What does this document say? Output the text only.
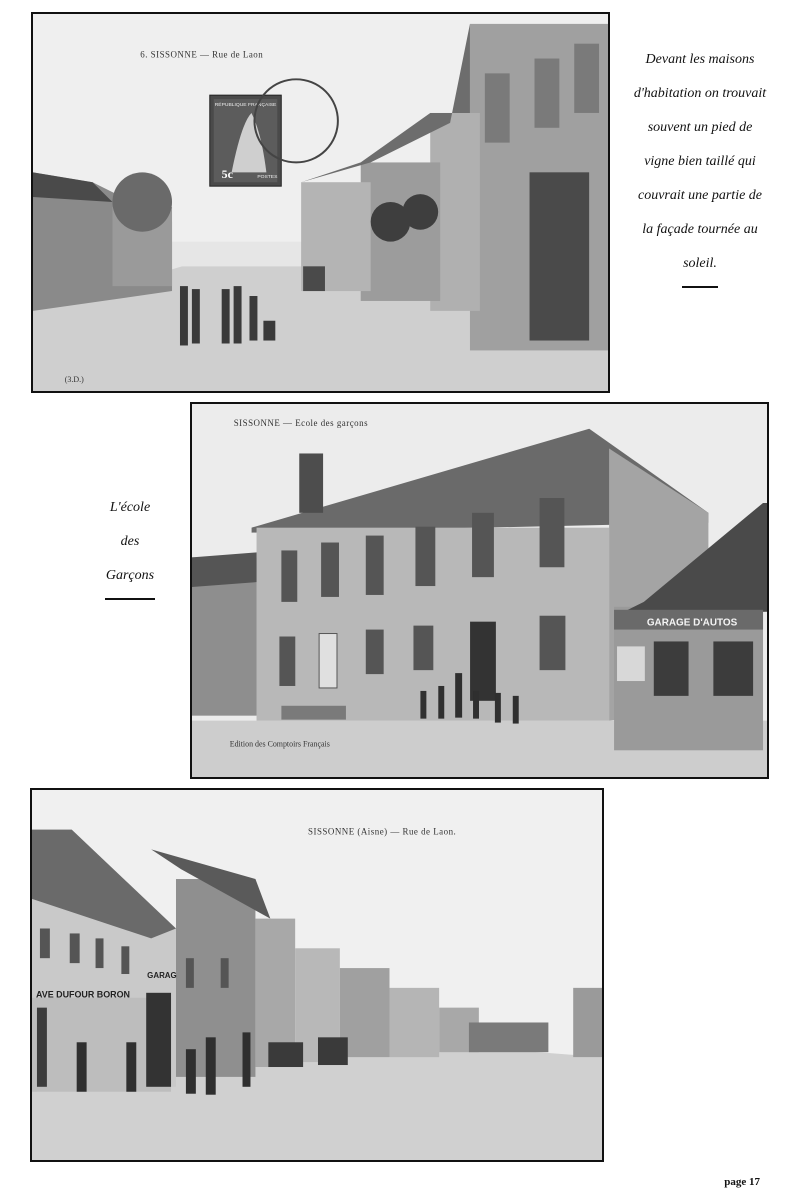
RÉPUBLIQUE FRANÇAISE
5c	POSTES
6. SISSONNE — Rue de Laon
(3.D.)

Devant les maisons

d'habitation on trouvait

souvent un pied de

vigne bien taillé qui

couvrait une partie de

la façade tournée au

soleil.

SISSONNE — Ecole des garçons
GARAGE D'AUTOS
Edition des Comptoirs Français

L'école

des

Garçons

SISSONNE (Aisne) — Rue de Laon.
AVE DUFOUR BORON
GARAG
page 17
